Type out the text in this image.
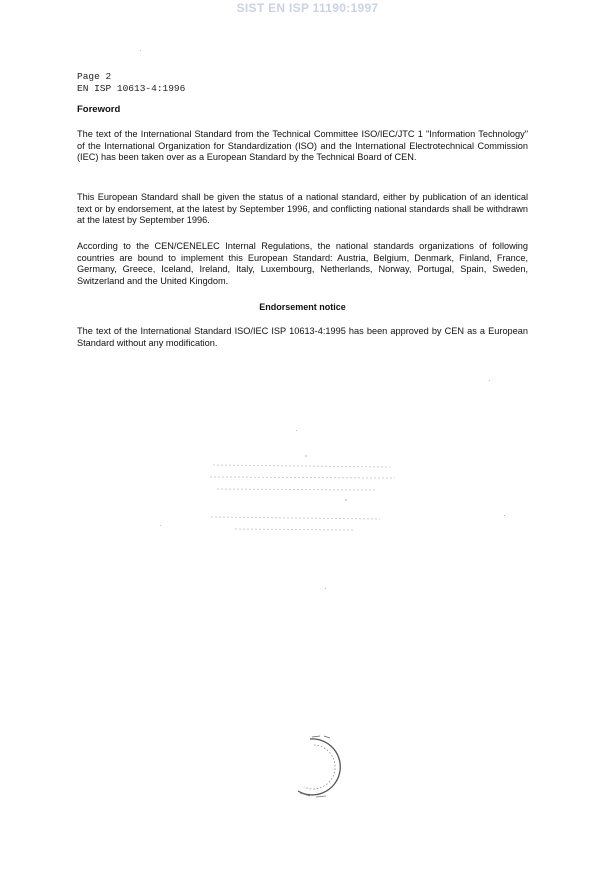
SIST EN ISP 11190:1997
Page 2
EN ISP 10613-4:1996
Foreword
The text of the International Standard from the Technical Committee ISO/IEC/JTC 1 "Information Technology" of the International Organization for Standardization (ISO) and the International Electrotechnical Commission (IEC) has been taken over as a European Standard by the Technical Board of CEN.
This European Standard shall be given the status of a national standard, either by publication of an identical text or by endorsement, at the latest by September 1996, and conflicting national standards shall be withdrawn at the latest by September 1996.
According to the CEN/CENELEC Internal Regulations, the national standards organizations of following countries are bound to implement this European Standard: Austria, Belgium, Denmark, Finland, France, Germany, Greece, Iceland, Ireland, Italy, Luxembourg, Netherlands, Norway, Portugal, Spain, Sweden, Switzerland and the United Kingdom.
Endorsement notice
The text of the International Standard ISO/IEC ISP 10613-4:1995 has been approved by CEN as a European Standard without any modification.
